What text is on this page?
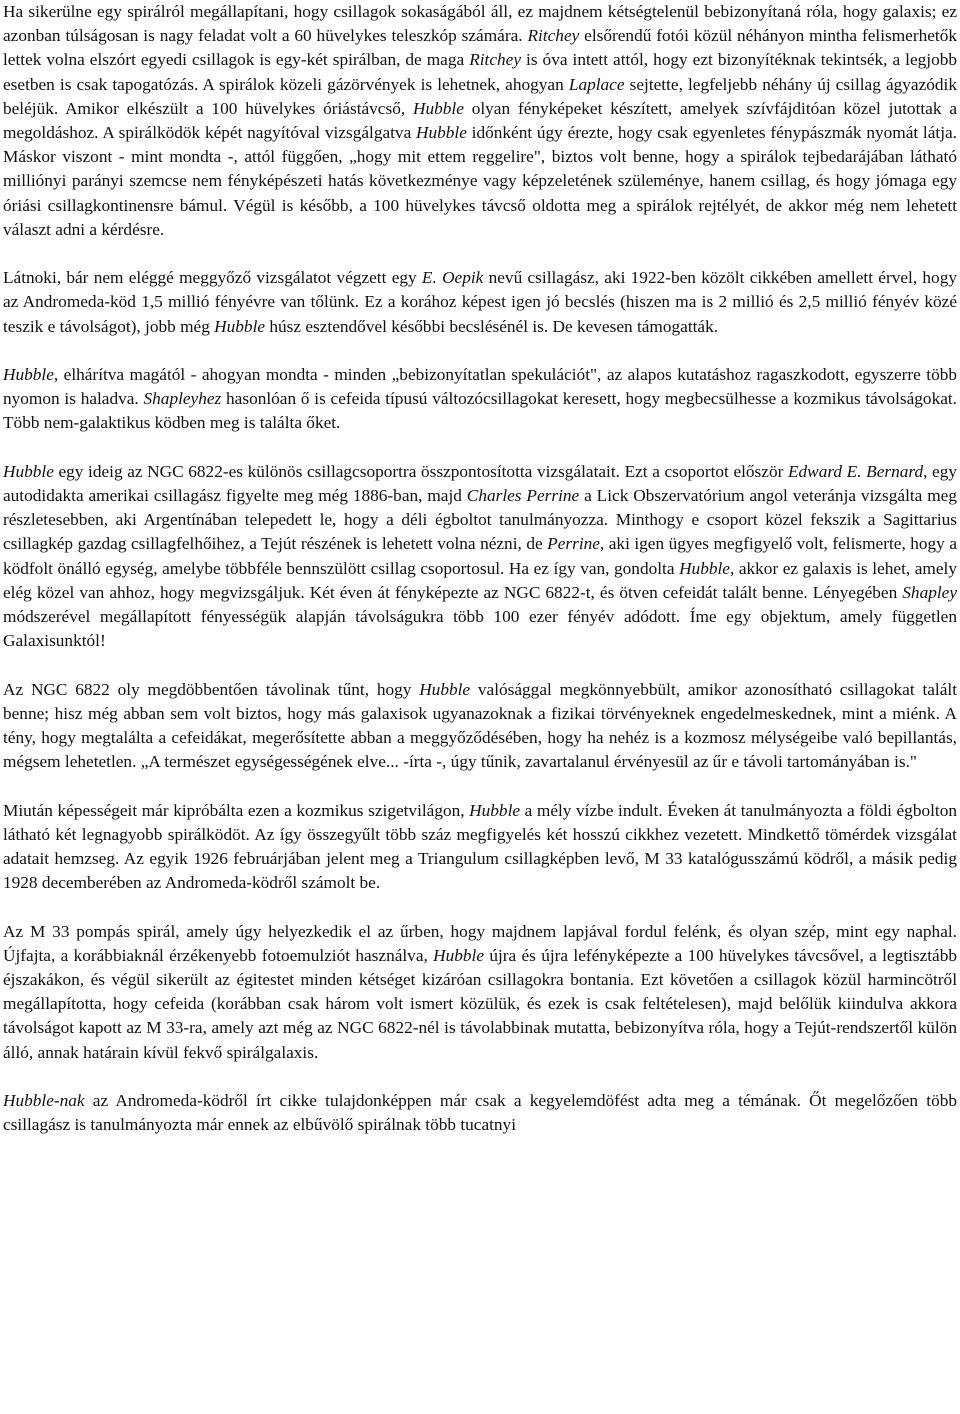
Ha sikerülne egy spirálról megállapítani, hogy csillagok sokaságából áll, ez majdnem kétségtelenül bebizonyítaná róla, hogy galaxis; ez azonban túlságosan is nagy feladat volt a 60 hüvelykes teleszkóp számára. Ritchey elsőrendű fotói közül néhányon mintha felismerhetők lettek volna elszórt egyedi csillagok is egy-két spirálban, de maga Ritchey is óva intett attól, hogy ezt bizonyítéknak tekintsék, a legjobb esetben is csak tapogatózás. A spirálok közeli gázörvények is lehetnek, ahogyan Laplace sejtette, legfeljebb néhány új csillag ágyazódik beléjük. Amikor elkészült a 100 hüvelykes óriástávcső, Hubble olyan fényképeket készített, amelyek szívfájditóan közel jutottak a megoldáshoz. A spirálködök képét nagyítóval vizsgálgatva Hubble időnként úgy érezte, hogy csak egyenletes fénypászmák nyomát látja. Máskor viszont - mint mondta -, attól függően, „hogy mit ettem reggelire", biztos volt benne, hogy a spirálok tejbedarájában látható milliónyi parányi szemcse nem fényképészeti hatás következménye vagy képzeletének szüleménye, hanem csillag, és hogy jómaga egy óriási csillagkontinensre bámul. Végül is később, a 100 hüvelykes távcső oldotta meg a spirálok rejtélyét, de akkor még nem lehetett választ adni a kérdésre.

Látnoki, bár nem eléggé meggyőző vizsgálatot végzett egy E. Oepik nevű csillagász, aki 1922-ben közölt cikkében amellett érvel, hogy az Andromeda-köd 1,5 millió fényévre van tőlünk. Ez a korához képest igen jó becslés (hiszen ma is 2 millió és 2,5 millió fényév közé teszik e távolságot), jobb még Hubble húsz esztendővel későbbi becslésénél is. De kevesen támogatták.

Hubble, elhárítva magától - ahogyan mondta - minden „bebizonyítatlan spekulációt", az alapos kutatáshoz ragaszkodott, egyszerre több nyomon is haladva. Shapleyhez hasonlóan ő is cefeida típusú változócsillagokat keresett, hogy megbecsülhesse a kozmikus távolságokat. Több nem-galaktikus ködben meg is találta őket.

Hubble egy ideig az NGC 6822-es különös csillagcsoportra összpontosította vizsgálatait. Ezt a csoportot először Edward E. Bernard, egy autodidakta amerikai csillagász figyelte meg még 1886-ban, majd Charles Perrine a Lick Obszervatórium angol veteránja vizsgálta meg részletesebben, aki Argentínában telepedett le, hogy a déli égboltot tanulmányozza. Minthogy e csoport közel fekszik a Sagittarius csillagkép gazdag csillagfelhőihez, a Tejút részének is lehetett volna nézni, de Perrine, aki igen ügyes megfigyelő volt, felismerte, hogy a ködfolt önálló egység, amelybe többféle bennszülött csillag csoportosul. Ha ez így van, gondolta Hubble, akkor ez galaxis is lehet, amely elég közel van ahhoz, hogy megvizsgáljuk. Két éven át fényképezte az NGC 6822-t, és ötven cefeidát talált benne. Lényegében Shapley módszerével megállapított fényességük alapján távolságukra több 100 ezer fényév adódott. Íme egy objektum, amely független Galaxisunktól!

Az NGC 6822 oly megdöbbentően távolinak tűnt, hogy Hubble valósággal megkönnyebbült, amikor azonosítható csillagokat talált benne; hisz még abban sem volt biztos, hogy más galaxisok ugyanazoknak a fizikai törvényeknek engedelmeskednek, mint a miénk. A tény, hogy megtalálta a cefeidákat, megerősítette abban a meggyőződésében, hogy ha nehéz is a kozmosz mélységeibe való bepillantás, mégsem lehetetlen. „A természet egységességének elve... -írta -, úgy tűnik, zavartalanul érvényesül az űr e távoli tartományában is."

Miután képességeit már kipróbálta ezen a kozmikus szigetvilágon, Hubble a mély vízbe indult. Éveken át tanulmányozta a földi égbolton látható két legnagyobb spirálködöt. Az így összegyűlt több száz megfigyelés két hosszú cikkhez vezetett. Mindkettő tömérdek vizsgálat adatait hemzseg. Az egyik 1926 februárjában jelent meg a Triangulum csillagképben levő, M 33 katalógusszámú ködről, a másik pedig 1928 decemberében az Andromeda-ködről számolt be.

Az M 33 pompás spirál, amely úgy helyezkedik el az űrben, hogy majdnem lapjával fordul felénk, és olyan szép, mint egy naphal. Újfajta, a korábbiaknál érzékenyebb fotoemulziót használva, Hubble újra és újra lefényképezte a 100 hüvelykes távcsővel, a legtisztább éjszakákon, és végül sikerült az égitestet minden kétséget kizáróan csillagokra bontania. Ezt követően a csillagok közül harmincötről megállapította, hogy cefeida (korábban csak három volt ismert közülük, és ezek is csak feltételesen), majd belőlük kiindulva akkora távolságot kapott az M 33-ra, amely azt még az NGC 6822-nél is távolabbinak mutatta, bebizonyítva róla, hogy a Tejút-rendszertől külön álló, annak határain kívül fekvő spirálgalaxis.

Hubble-nak az Andromeda-ködről írt cikke tulajdonképpen már csak a kegyelemdöfést adta meg a témának. Őt megelőzően több csillagász is tanulmányozta már ennek az elbűvölő spirálnak több tucatnyi
